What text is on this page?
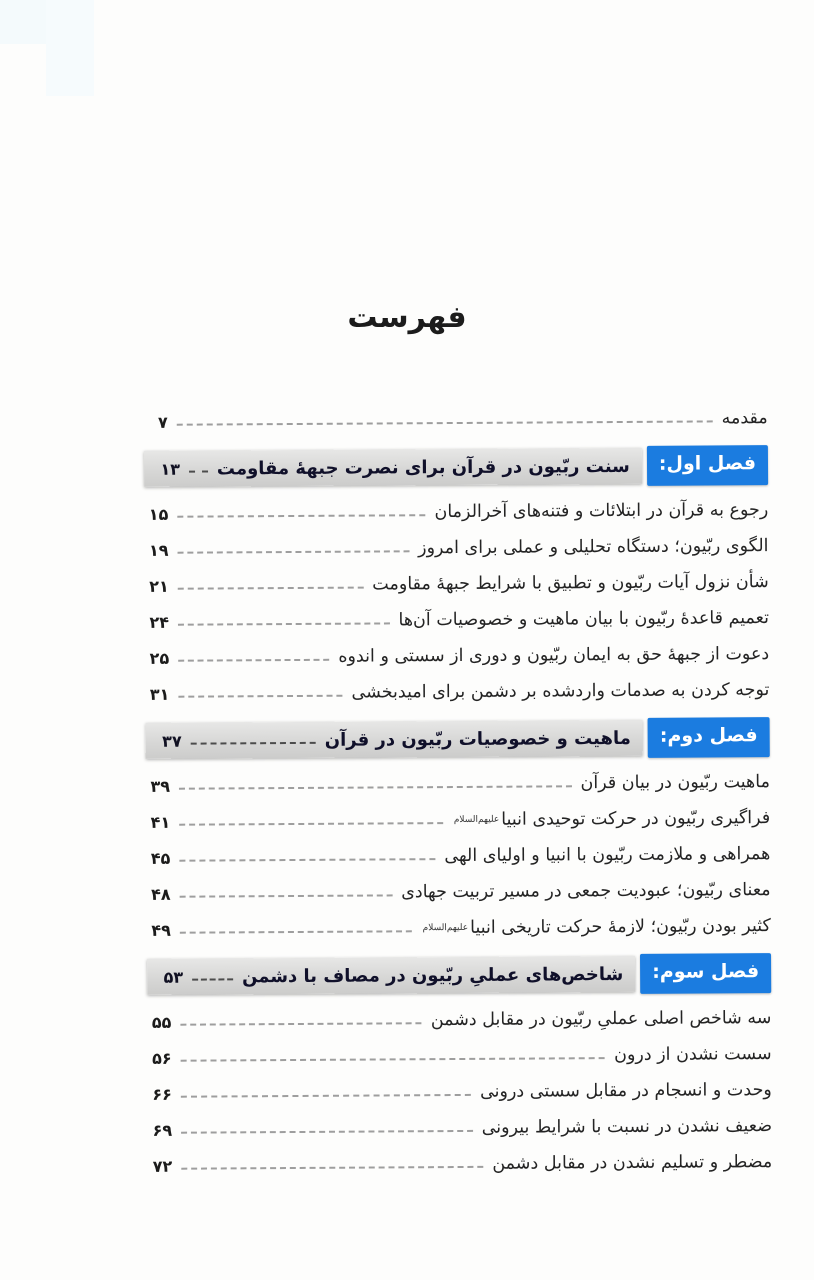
فهرست
مقدمه
۷
فصل اول:
سنت ربّیون در قرآن برای نصرت جبهۀ مقاومت
۱۳
رجوع به قرآن در ابتلائات و فتنه‌های آخرالزمان
۱۵
الگوی ربّیون؛ دستگاه تحلیلی و عملی برای امروز
۱۹
شأن نزول آیات ربّیون و تطبیق با شرایط جبهۀ مقاومت
۲۱
تعمیم قاعدۀ ربّیون با بیان ماهیت و خصوصیات آن‌ها
۲۴
دعوت از جبهۀ حق به ایمان ربّیون و دوری از سستی و اندوه
۲۵
توجه کردن به صدمات واردشده بر دشمن برای امیدبخشی
۳۱
فصل دوم:
ماهیت و خصوصیات ربّیون در قرآن
۳۷
ماهیت ربّیون در بیان قرآن
۳۹
فراگیری ربّیون در حرکت توحیدی انبیا
علیهم‌السلام
۴۱
همراهی و ملازمت ربّیون با انبیا و اولیای الهی
۴۵
معنای ربّیون؛ عبودیت جمعی در مسیر تربیت جهادی
۴۸
کثیر بودن ربّیون؛ لازمۀ حرکت تاریخی انبیا
علیهم‌السلام
۴۹
فصل سوم:
شاخص‌های عملیِ ربّیون در مصاف با دشمن
۵۳
سه شاخص اصلی عملیِ ربّیون در مقابل دشمن
۵۵
سست نشدن از درون
۵۶
وحدت و انسجام در مقابل سستی درونی
۶۶
ضعیف نشدن در نسبت با شرایط بیرونی
۶۹
مضطر و تسلیم نشدن در مقابل دشمن
۷۲
